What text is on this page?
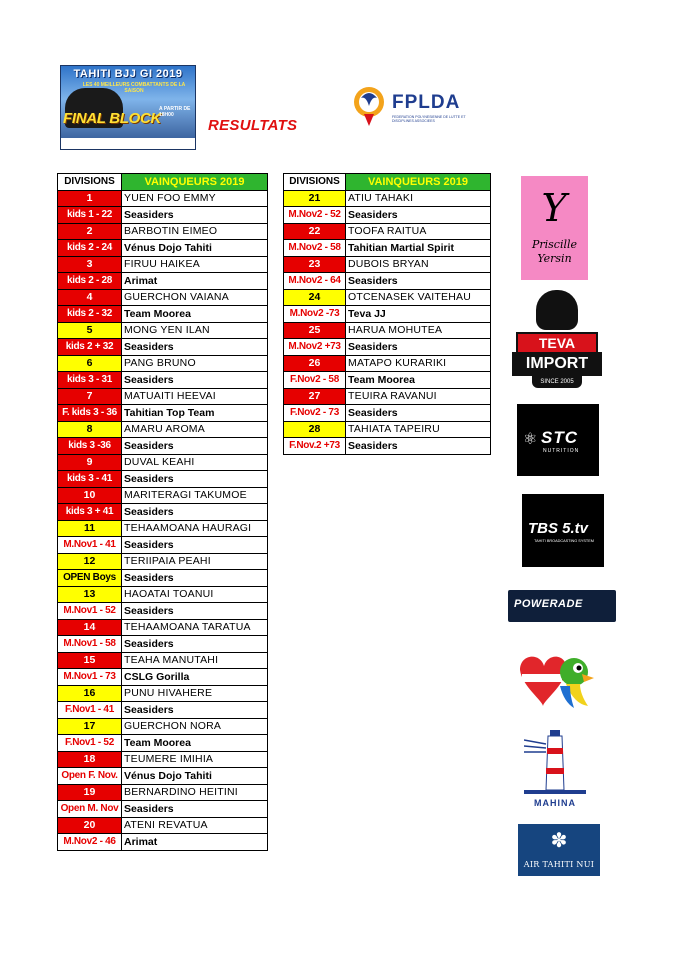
TAHITI BJJ GI 2019
LES 40 MEILLEURS COMBATTANTS DE LA SAISON
FINAL BLOCK
A PARTIR DE 18H00
RESULTATS
FPLDA
FEDERATION POLYNESIENNE DE LUTTE ET DISCIPLINES ASSOCIEES
DIVISIONS	VAINQUEURS 2019
1	YUEN FOO EMMY
kids 1 - 22	Seasiders
2	BARBOTIN EIMEO
kids 2 - 24	Vénus Dojo Tahiti
3	FIRUU HAIKEA
kids 2 - 28	Arimat
4	GUERCHON VAIANA
kids 2 - 32	Team Moorea
5	MONG YEN ILAN
kids 2 + 32	Seasiders
6	PANG BRUNO
kids 3 - 31	Seasiders
7	MATUAITI HEEVAI
F. kids 3 - 36	Tahitian Top Team
8	AMARU AROMA
kids 3 -36	Seasiders
9	DUVAL KEAHI
kids 3 - 41	Seasiders
10	MARITERAGI TAKUMOE
kids 3 + 41	Seasiders
11	TEHAAMOANA HAURAGI
M.Nov1 - 41	Seasiders
12	TERIIPAIA PEAHI
OPEN Boys	Seasiders
13	HAOATAI TOANUI
M.Nov1 - 52	Seasiders
14	TEHAAMOANA TARATUA
M.Nov1 - 58	Seasiders
15	TEAHA MANUTAHI
M.Nov1 - 73	CSLG Gorilla
16	PUNU HIVAHERE
F.Nov1 - 41	Seasiders
17	GUERCHON NORA
F.Nov1 - 52	Team Moorea
18	TEUMERE IMIHIA
Open F. Nov.	Vénus Dojo Tahiti
19	BERNARDINO HEITINI
Open M. Nov	Seasiders
20	ATENI REVATUA
M.Nov2 - 46	Arimat
DIVISIONS	VAINQUEURS 2019
21	ATIU TAHAKI
M.Nov2 - 52	Seasiders
22	TOOFA RAITUA
M.Nov2 - 58	Tahitian Martial Spirit
23	DUBOIS BRYAN
M.Nov2 - 64	Seasiders
24	OTCENASEK VAITEHAU
M.Nov2 -73	Teva JJ
25	HARUA MOHUTEA
M.Nov2 +73	Seasiders
26	MATAPO KURARIKI
F.Nov2 - 58	Team Moorea
27	TEUIRA RAVANUI
F.Nov2 - 73	Seasiders
28	TAHIATA TAPEIRU
F.Nov.2 +73	Seasiders
Y
Priscille
Yersin
TEVA
IMPORT
SINCE 2005
⚛ STC
NUTRITION
TBS 5.tv
TAHITI BROADCASTING SYSTEM
POWERADE
MAHINA
✽
AIR TAHITI NUI
